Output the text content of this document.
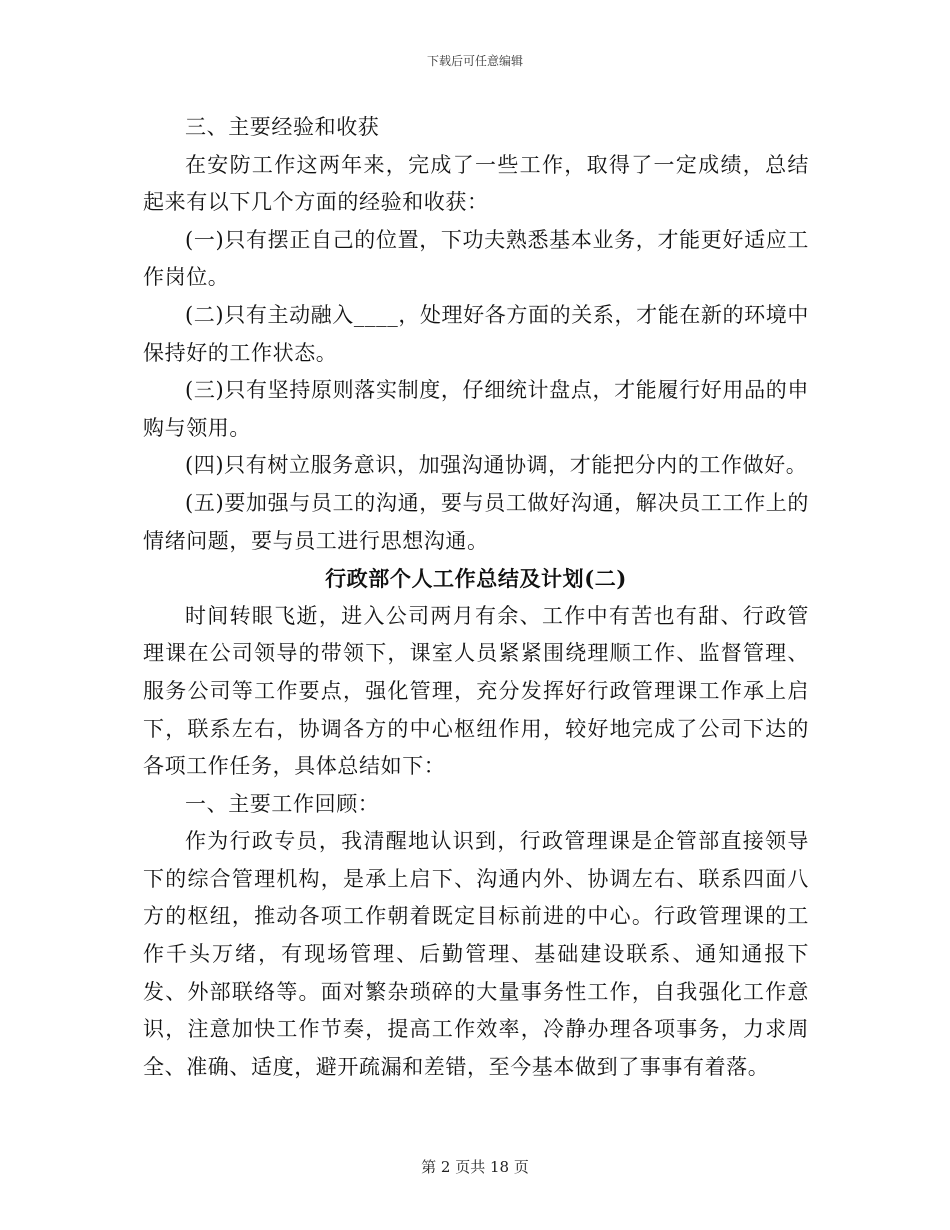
下载后可任意编辑

三、主要经验和收获

在安防工作这两年来，完成了一些工作，取得了一定成绩，总结起来有以下几个方面的经验和收获：

(一)只有摆正自己的位置，下功夫熟悉基本业务，才能更好适应工作岗位。

(二)只有主动融入____，处理好各方面的关系，才能在新的环境中保持好的工作状态。

(三)只有坚持原则落实制度，仔细统计盘点，才能履行好用品的申购与领用。

(四)只有树立服务意识，加强沟通协调，才能把分内的工作做好。

(五)要加强与员工的沟通，要与员工做好沟通，解决员工工作上的情绪问题，要与员工进行思想沟通。

行政部个人工作总结及计划(二)

时间转眼飞逝，进入公司两月有余、工作中有苦也有甜、行政管理课在公司领导的带领下，课室人员紧紧围绕理顺工作、监督管理、服务公司等工作要点，强化管理，充分发挥好行政管理课工作承上启下，联系左右，协调各方的中心枢纽作用，较好地完成了公司下达的各项工作任务，具体总结如下：

一、主要工作回顾：

作为行政专员，我清醒地认识到，行政管理课是企管部直接领导下的综合管理机构，是承上启下、沟通内外、协调左右、联系四面八方的枢纽，推动各项工作朝着既定目标前进的中心。行政管理课的工作千头万绪，有现场管理、后勤管理、基础建设联系、通知通报下发、外部联络等。面对繁杂琐碎的大量事务性工作，自我强化工作意识，注意加快工作节奏，提高工作效率，冷静办理各项事务，力求周全、准确、适度，避开疏漏和差错，至今基本做到了事事有着落。

第 2 页共 18 页
